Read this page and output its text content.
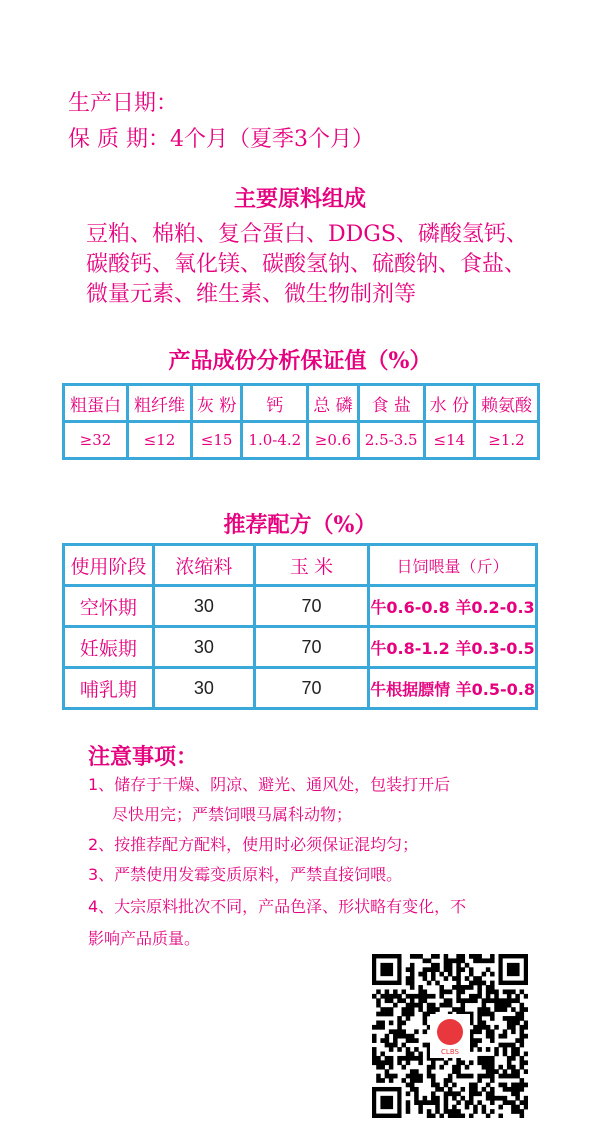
生产日期：
保 质 期：4个月（夏季3个月）
主要原料组成
豆粕、棉粕、复合蛋白、DDGS、磷酸氢钙、碳酸钙、氧化镁、碳酸氢钠、硫酸钠、食盐、微量元素、维生素、微生物制剂等
产品成份分析保证值（%）
粗蛋白	粗纤维	灰 粉	钙	总 磷	食 盐	水 份	赖氨酸
≥32	≤12	≤15	1.0-4.2	≥0.6	2.5-3.5	≤14	≥1.2
推荐配方（%）
使用阶段	浓缩料	玉 米	日饲喂量（斤）
空怀期	30	70	牛0.6-0.8 羊0.2-0.3
妊娠期	30	70	牛0.8-1.2 羊0.3-0.5
哺乳期	30	70	牛根据膘情 羊0.5-0.8
注意事项：
1、储存于干燥、阴凉、避光、通风处，包装打开后
尽快用完；严禁饲喂马属科动物；
2、按推荐配方配料，使用时必须保证混均匀；
3、严禁使用发霉变质原料，严禁直接饲喂。
4、大宗原料批次不同，产品色泽、形状略有变化，不
影响产品质量。
CLBS
